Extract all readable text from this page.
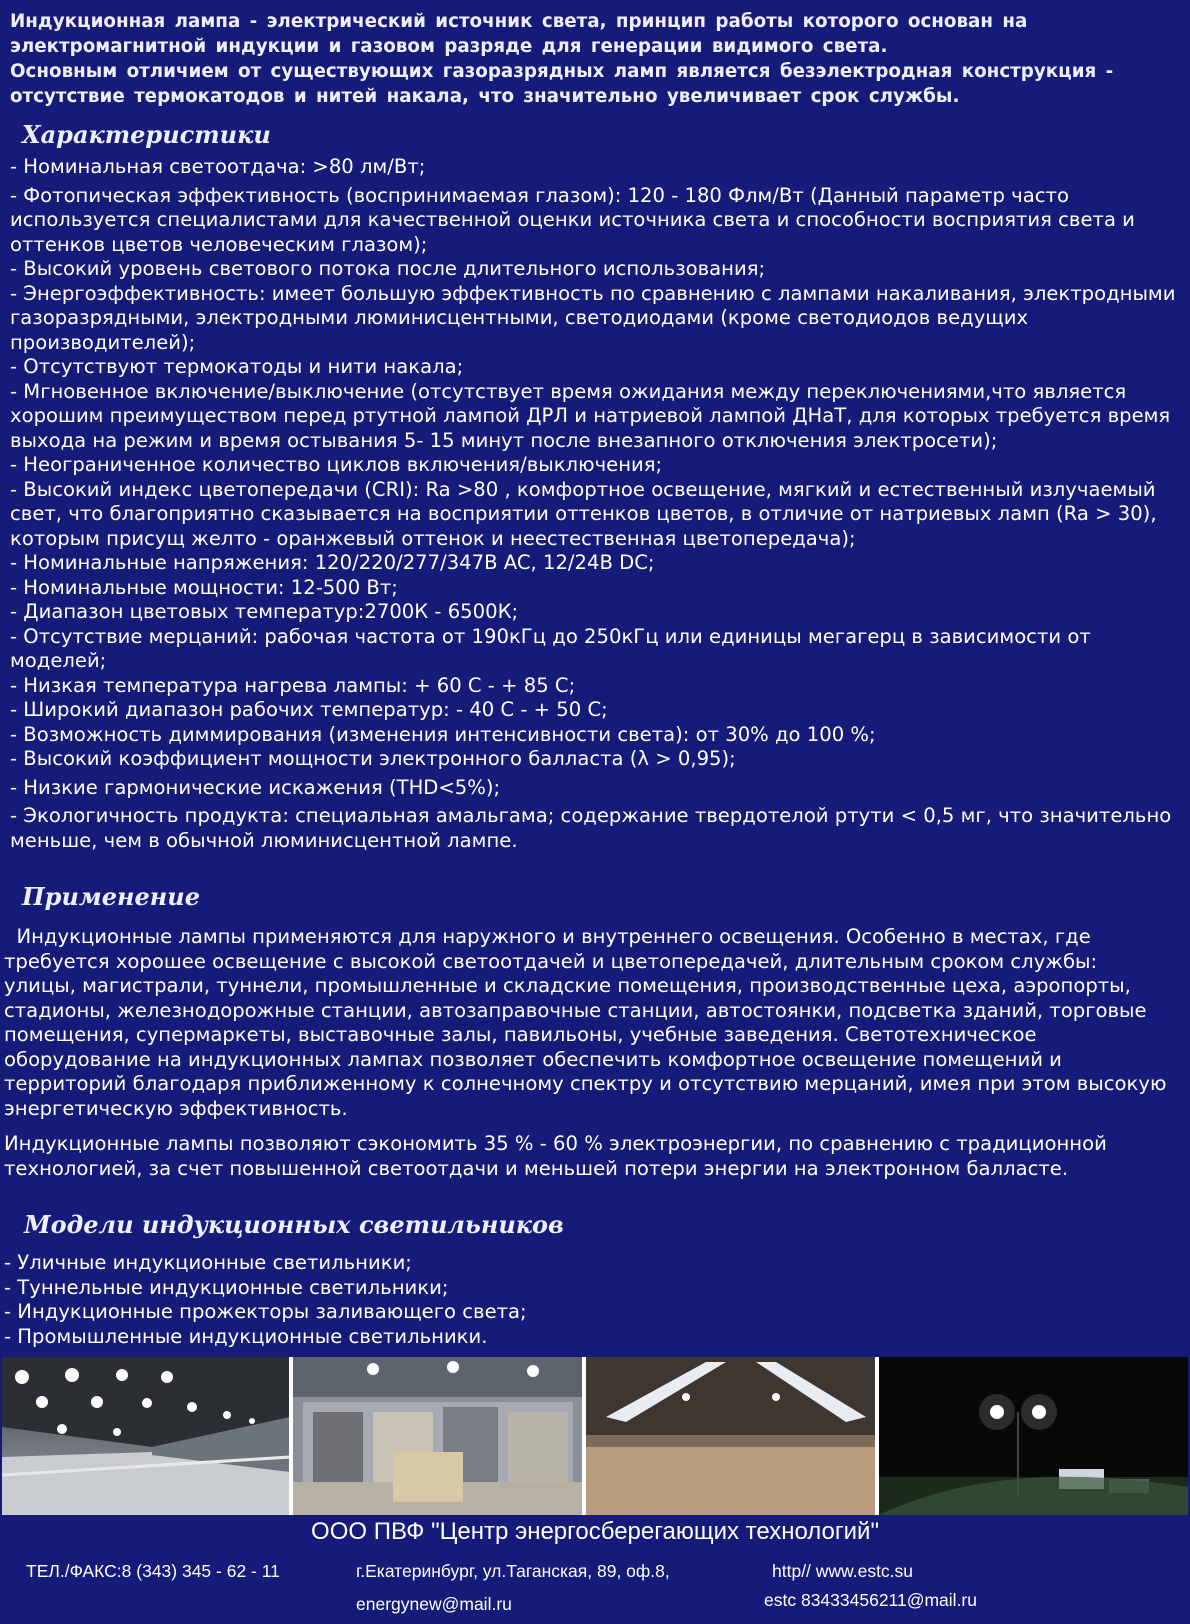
Индукционная лампа - электрический источник света, принцип работы которого основан на электромагнитной индукции и газовом разряде для генерации видимого света.

Основным отличием от существующих газоразрядных ламп является безэлектродная конструкция - отсутствие термокатодов и нитей накала, что значительно увеличивает срок службы.

Характеристики

- Номинальная светоотдача: >80 лм/Вт;

- Фотопическая эффективность (воспринимаемая глазом): 120 - 180 Флм/Вт (Данный параметр часто используется специалистами для качественной оценки источника света и способности восприятия света и оттенков цветов человеческим глазом);

- Высокий уровень светового потока после длительного использования;

- Энергоэффективность: имеет большую эффективность по сравнению с лампами накаливания, электродными газоразрядными, электродными люминисцентными, светодиодами (кроме светодиодов ведущих производителей);

- Отсутствуют термокатоды и нити накала;

- Мгновенное включение/выключение (отсутствует время ожидания между переключениями,что является хорошим преимуществом перед ртутной лампой ДРЛ и натриевой лампой ДНаТ, для которых требуется время выхода на режим и время остывания 5- 15 минут после внезапного отключения электросети);

- Неограниченное количество циклов включения/выключения;

- Высокий индекс цветопередачи (CRI): Ra >80 , комфортное освещение, мягкий и естественный излучаемый свет, что благоприятно сказывается на восприятии оттенков цветов, в отличие от натриевых ламп (Ra > 30), которым присущ желто - оранжевый оттенок и неестественная цветопередача);

- Номинальные напряжения: 120/220/277/347В AC, 12/24В DC;

- Номинальные мощности: 12-500 Вт;

- Диапазон цветовых температур:2700К - 6500К;

- Отсутствие мерцаний: рабочая частота от 190кГц до 250кГц или единицы мегагерц в зависимости от моделей;

- Низкая температура нагрева лампы: + 60 С - + 85 С;

- Широкий диапазон рабочих температур: - 40 С - + 50 С;

- Возможность диммирования (изменения интенсивности света): от 30% до 100 %;

- Высокий коэффициент мощности электронного балласта (λ > 0,95);

- Низкие гармонические искажения (THD<5%);

- Экологичность продукта: специальная амальгама; содержание твердотелой ртути < 0,5 мг, что значительно меньше, чем в обычной люминисцентной лампе.

Применение

Индукционные лампы применяются для наружного и внутреннего освещения. Особенно в местах, где требуется хорошее освещение с высокой светоотдачей и цветопередачей, длительным сроком службы: улицы, магистрали, туннели, промышленные и складские помещения, производственные цеха, аэропорты, стадионы, железнодорожные станции, автозаправочные станции, автостоянки, подсветка зданий, торговые помещения, супермаркеты, выставочные залы, павильоны, учебные заведения. Светотехническое оборудование на индукционных лампах позволяет обеспечить комфортное освещение помещений и территорий благодаря приближенному к солнечному спектру и отсутствию мерцаний, имея при этом высокую энергетическую эффективность.

Индукционные лампы позволяют сэкономить 35 % - 60 % электроэнергии, по сравнению с традиционной технологией, за счет повышенной светоотдачи и меньшей потери энергии на электронном балласте.

Модели индукционных светильников

- Уличные индукционные светильники;

- Туннельные индукционные светильники;

- Индукционные прожекторы заливающего света;

- Промышленные индукционные светильники.

ООО ПВФ "Центр энергосберегающих технологий"
ТЕЛ./ФАКС:8 (343) 345 - 62 - 11	г.Екатеринбург, ул.Таганская, 89, оф.8,
energynew@mail.ru
http// www.estc.su
estc 83433456211@mail.ru
